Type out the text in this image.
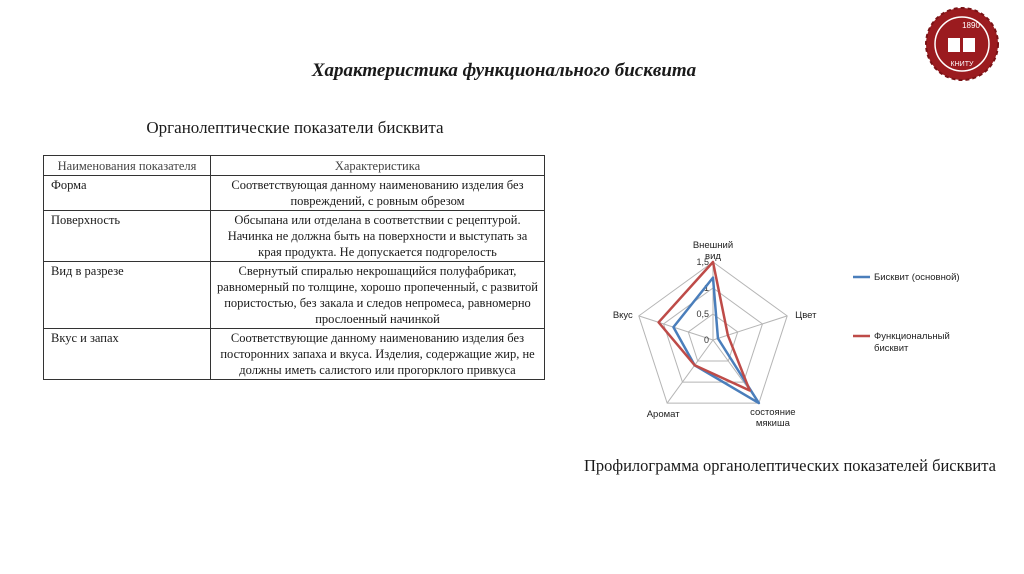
1890
КНИТУ
Характеристика функционального бисквита
Органолептические показатели бисквита
Наименования показателя	Характеристика
Форма	Соответствующая данному наименованию изделия без повреждений, с ровным обрезом
Поверхность	Обсыпана или отделана в соответствии с рецептурой. Начинка не должна быть на поверхности и выступать за края продукта. Не допускается подгорелость
Вид в разрезе	Свернутый спиралью некрошащийся полуфабрикат, равномерный по толщине, хорошо пропеченный, с развитой пористостью, без закала и следов непромеса, равномерно прослоенный начинкой
Вкус и запах	Соответствующие данному наименованию изделия без посторонних запаха и вкуса. Изделия, содержащие жир, не должны иметь салистого или прогорклого привкуса
0
0,5
1
1,5
Внешний вид
Цвет
состояние мякиша
Аромат
Вкус
Бисквит (основной)
Функциональный бисквит
Профилограмма органолептических показателей бисквита
